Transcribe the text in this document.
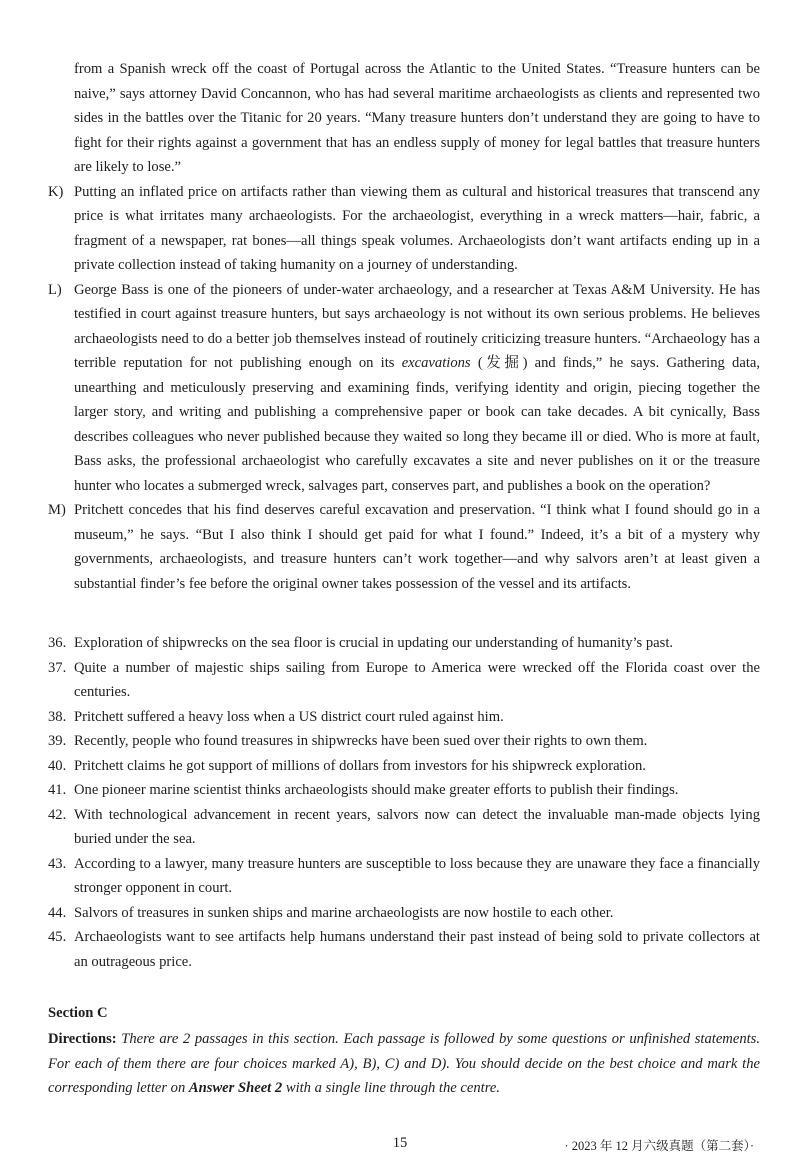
from a Spanish wreck off the coast of Portugal across the Atlantic to the United States. “Treasure hunters can be naive,” says attorney David Concannon, who has had several maritime archaeologists as clients and represented two sides in the battles over the Titanic for 20 years. “Many treasure hunters don’t understand they are going to have to fight for their rights against a government that has an endless supply of money for legal battles that treasure hunters are likely to lose.”

K) Putting an inflated price on artifacts rather than viewing them as cultural and historical treasures that transcend any price is what irritates many archaeologists. For the archaeologist, everything in a wreck matters—hair, fabric, a fragment of a newspaper, rat bones—all things speak volumes. Archaeologists don’t want artifacts ending up in a private collection instead of taking humanity on a journey of understanding.

L) George Bass is one of the pioneers of under-water archaeology, and a researcher at Texas A&M University. He has testified in court against treasure hunters, but says archaeology is not without its own serious problems. He believes archaeologists need to do a better job themselves instead of routinely criticizing treasure hunters. “Archaeology has a terrible reputation for not publishing enough on its excavations (发掘) and finds,” he says. Gathering data, unearthing and meticulously preserving and examining finds, verifying identity and origin, piecing together the larger story, and writing and publishing a comprehensive paper or book can take decades. A bit cynically, Bass describes colleagues who never published because they waited so long they became ill or died. Who is more at fault, Bass asks, the professional archaeologist who carefully excavates a site and never publishes on it or the treasure hunter who locates a submerged wreck, salvages part, conserves part, and publishes a book on the operation?

M) Pritchett concedes that his find deserves careful excavation and preservation. “I think what I found should go in a museum,” he says. “But I also think I should get paid for what I found.” Indeed, it’s a bit of a mystery why governments, archaeologists, and treasure hunters can’t work together—and why salvors aren’t at least given a substantial finder’s fee before the original owner takes possession of the vessel and its artifacts.

36. Exploration of shipwrecks on the sea floor is crucial in updating our understanding of humanity’s past.
37. Quite a number of majestic ships sailing from Europe to America were wrecked off the Florida coast over the centuries.
38. Pritchett suffered a heavy loss when a US district court ruled against him.
39. Recently, people who found treasures in shipwrecks have been sued over their rights to own them.
40. Pritchett claims he got support of millions of dollars from investors for his shipwreck exploration.
41. One pioneer marine scientist thinks archaeologists should make greater efforts to publish their findings.
42. With technological advancement in recent years, salvors now can detect the invaluable man-made objects lying buried under the sea.
43. According to a lawyer, many treasure hunters are susceptible to loss because they are unaware they face a financially stronger opponent in court.
44. Salvors of treasures in sunken ships and marine archaeologists are now hostile to each other.
45. Archaeologists want to see artifacts help humans understand their past instead of being sold to private collectors at an outrageous price.

Section C

Directions: There are 2 passages in this section. Each passage is followed by some questions or unfinished statements. For each of them there are four choices marked A), B), C) and D). You should decide on the best choice and mark the corresponding letter on Answer Sheet 2 with a single line through the centre.

15	· 2023 年 12 月六级真题（第二套）·
